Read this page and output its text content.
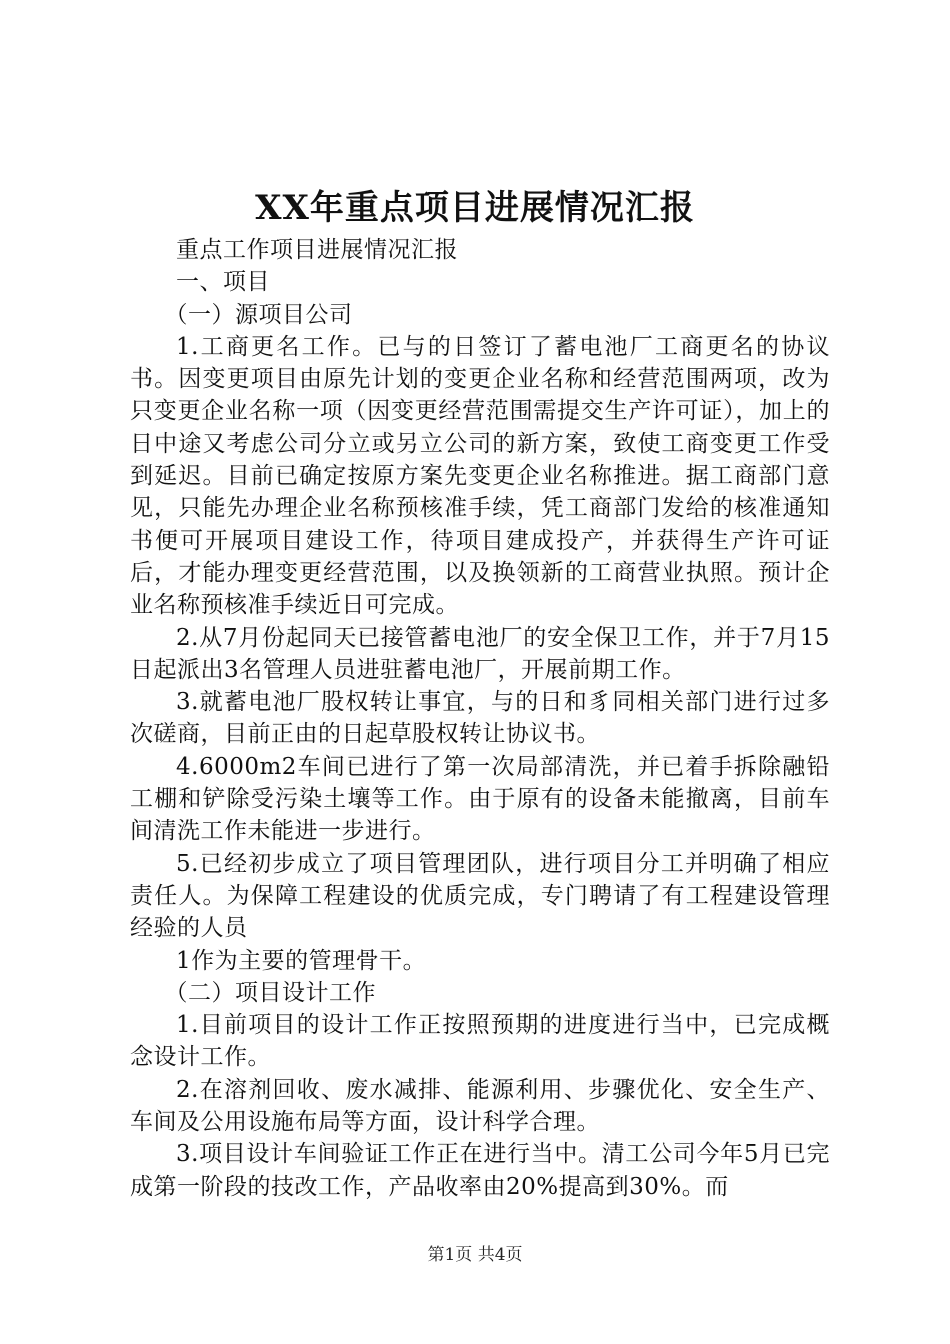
XX年重点项目进展情况汇报

重点工作项目进展情况汇报

一、项目

（一）源项目公司

1.工商更名工作。已与的日签订了蓄电池厂工商更名的协议书。因变更项目由原先计划的变更企业名称和经营范围两项，改为只变更企业名称一项（因变更经营范围需提交生产许可证），加上的日中途又考虑公司分立或另立公司的新方案，致使工商变更工作受到延迟。目前已确定按原方案先变更企业名称推进。据工商部门意见，只能先办理企业名称预核准手续，凭工商部门发给的核准通知书便可开展项目建设工作，待项目建成投产，并获得生产许可证后，才能办理变更经营范围，以及换领新的工商营业执照。预计企业名称预核准手续近日可完成。

2.从7月份起同天已接管蓄电池厂的安全保卫工作，并于7月15日起派出3名管理人员进驻蓄电池厂，开展前期工作。

3.就蓄电池厂股权转让事宜，与的日和豸同相关部门进行过多次磋商，目前正由的日起草股权转让协议书。

4.6000m2车间已进行了第一次局部清洗，并已着手拆除融铅工棚和铲除受污染土壤等工作。由于原有的设备未能撤离，目前车间清洗工作未能进一步进行。

5.已经初步成立了项目管理团队，进行项目分工并明确了相应责任人。为保障工程建设的优质完成，专门聘请了有工程建设管理经验的人员

1作为主要的管理骨干。

（二）项目设计工作

1.目前项目的设计工作正按照预期的进度进行当中，已完成概念设计工作。

2.在溶剂回收、废水减排、能源利用、步骤优化、安全生产、车间及公用设施布局等方面，设计科学合理。

3.项目设计车间验证工作正在进行当中。清工公司今年5月已完成第一阶段的技改工作，产品收率由20%提高到30%。而

第1页 共4页
